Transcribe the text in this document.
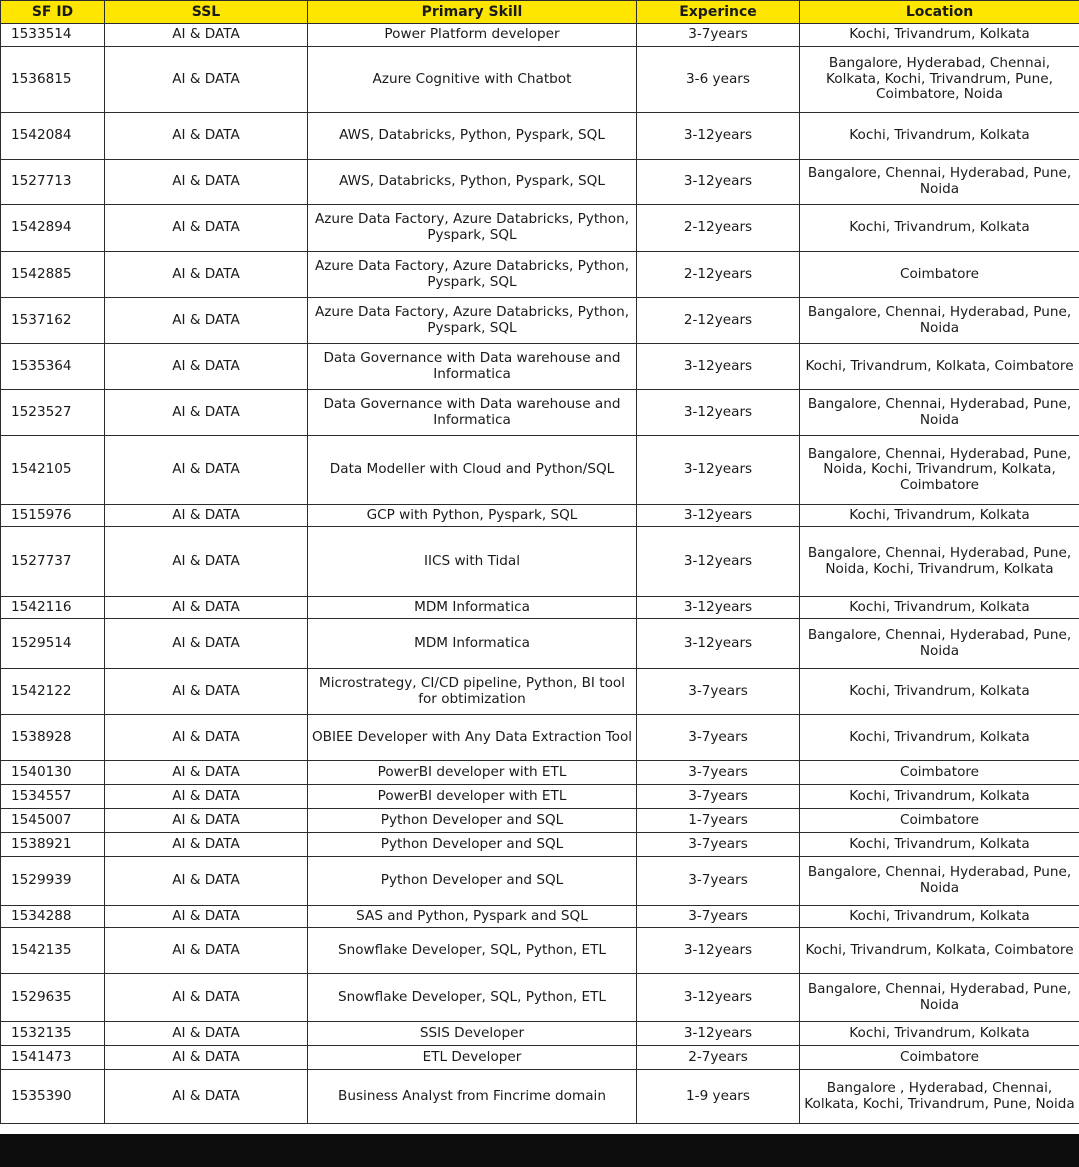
SF ID	SSL	Primary Skill	Experince	Location
1533514	AI & DATA	Power Platform developer	3-7years	Kochi, Trivandrum, Kolkata
1536815	AI & DATA	Azure Cognitive with Chatbot	3-6 years	Bangalore, Hyderabad, Chennai, Kolkata, Kochi, Trivandrum, Pune, Coimbatore, Noida
1542084	AI & DATA	AWS, Databricks, Python, Pyspark, SQL	3-12years	Kochi, Trivandrum, Kolkata
1527713	AI & DATA	AWS, Databricks, Python, Pyspark, SQL	3-12years	Bangalore, Chennai, Hyderabad, Pune, Noida
1542894	AI & DATA	Azure Data Factory, Azure Databricks, Python, Pyspark, SQL	2-12years	Kochi, Trivandrum, Kolkata
1542885	AI & DATA	Azure Data Factory, Azure Databricks, Python, Pyspark, SQL	2-12years	Coimbatore
1537162	AI & DATA	Azure Data Factory, Azure Databricks, Python, Pyspark, SQL	2-12years	Bangalore, Chennai, Hyderabad, Pune, Noida
1535364	AI & DATA	Data Governance with Data warehouse and Informatica	3-12years	Kochi, Trivandrum, Kolkata, Coimbatore
1523527	AI & DATA	Data Governance with Data warehouse and Informatica	3-12years	Bangalore, Chennai, Hyderabad, Pune, Noida
1542105	AI & DATA	Data Modeller with Cloud and Python/SQL	3-12years	Bangalore, Chennai, Hyderabad, Pune, Noida, Kochi, Trivandrum, Kolkata, Coimbatore
1515976	AI & DATA	GCP with Python, Pyspark, SQL	3-12years	Kochi, Trivandrum, Kolkata
1527737	AI & DATA	IICS with Tidal	3-12years	Bangalore, Chennai, Hyderabad, Pune, Noida, Kochi, Trivandrum, Kolkata
1542116	AI & DATA	MDM Informatica	3-12years	Kochi, Trivandrum, Kolkata
1529514	AI & DATA	MDM Informatica	3-12years	Bangalore, Chennai, Hyderabad, Pune, Noida
1542122	AI & DATA	Microstrategy, CI/CD pipeline, Python, BI tool for obtimization	3-7years	Kochi, Trivandrum, Kolkata
1538928	AI & DATA	OBIEE Developer with Any Data Extraction Tool	3-7years	Kochi, Trivandrum, Kolkata
1540130	AI & DATA	PowerBI developer with ETL	3-7years	Coimbatore
1534557	AI & DATA	PowerBI developer with ETL	3-7years	Kochi, Trivandrum, Kolkata
1545007	AI & DATA	Python Developer and SQL	1-7years	Coimbatore
1538921	AI & DATA	Python Developer and SQL	3-7years	Kochi, Trivandrum, Kolkata
1529939	AI & DATA	Python Developer and SQL	3-7years	Bangalore, Chennai, Hyderabad, Pune, Noida
1534288	AI & DATA	SAS and Python, Pyspark and SQL	3-7years	Kochi, Trivandrum, Kolkata
1542135	AI & DATA	Snowflake Developer, SQL, Python, ETL	3-12years	Kochi, Trivandrum, Kolkata, Coimbatore
1529635	AI & DATA	Snowflake Developer, SQL, Python, ETL	3-12years	Bangalore, Chennai, Hyderabad, Pune, Noida
1532135	AI & DATA	SSIS Developer	3-12years	Kochi, Trivandrum, Kolkata
1541473	AI & DATA	ETL Developer	2-7years	Coimbatore
1535390	AI & DATA	Business Analyst from Fincrime domain	1-9 years	Bangalore , Hyderabad, Chennai, Kolkata, Kochi, Trivandrum, Pune, Noida
